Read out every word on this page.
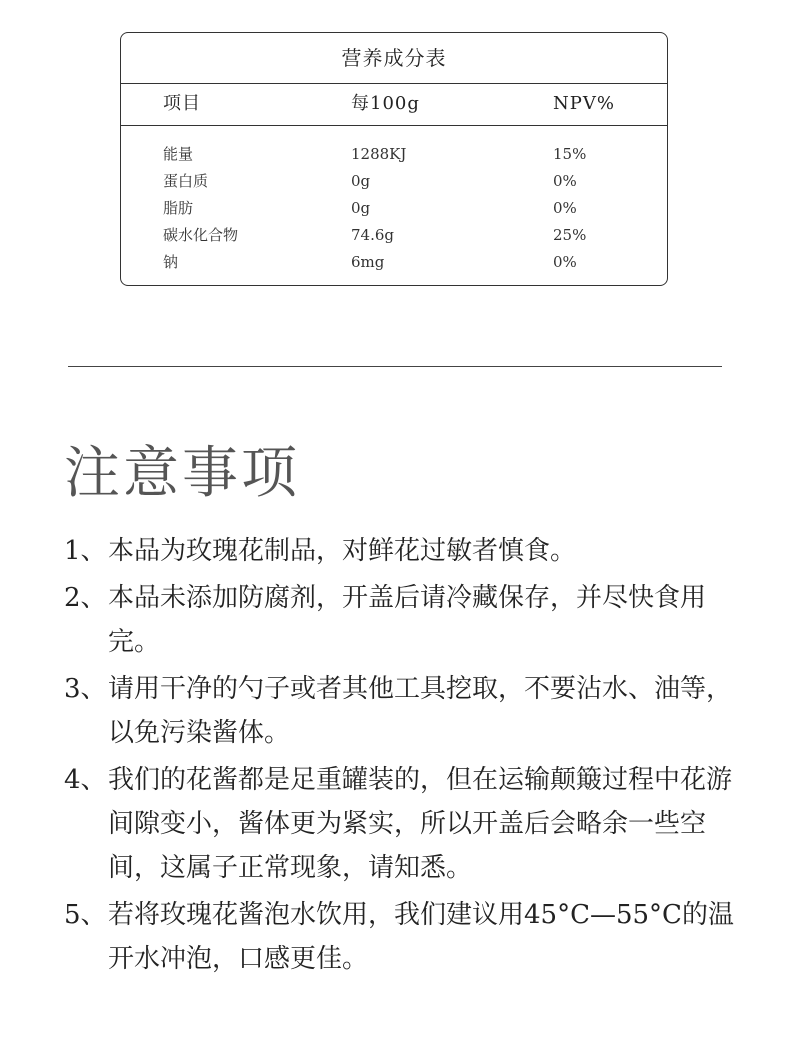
营养成分表
项目	每100g	NPV%
能量	1288KJ	15%
蛋白质	0g	0%
脂肪	0g	0%
碳水化合物	74.6g	25%
钠	6mg	0%
注意事项
1、 本品为玫瑰花制品，对鲜花过敏者慎食。
2、 本品未添加防腐剂，开盖后请冷藏保存，并尽快食用完。
3、 请用干净的勺子或者其他工具挖取，不要沾水、油等，以免污染酱体。
4、 我们的花酱都是足重罐装的，但在运输颠簸过程中花游间隙变小，酱体更为紧实，所以开盖后会略余一些空间，这属子正常现象，请知悉。
5、 若将玫瑰花酱泡水饮用，我们建议用45°C—55°C的温开水冲泡，口感更佳。
